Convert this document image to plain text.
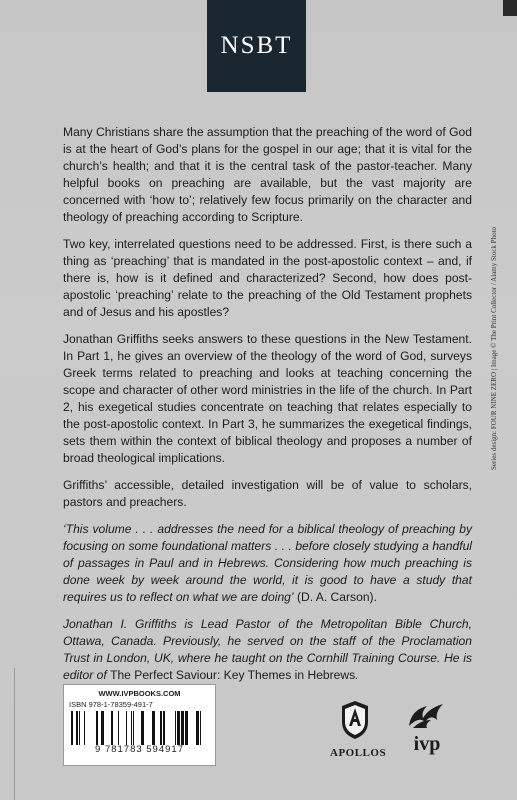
NSBT

Many Christians share the assumption that the preaching of the word of God is at the heart of God’s plans for the gospel in our age; that it is vital for the church’s health; and that it is the central task of the pastor-teacher. Many helpful books on preaching are available, but the vast majority are concerned with ‘how to’; relatively few focus primarily on the character and theology of preaching according to Scripture.

Two key, interrelated questions need to be addressed. First, is there such a thing as ‘preaching’ that is mandated in the post-apostolic context – and, if there is, how is it defined and characterized? Second, how does post-apostolic ‘preaching’ relate to the preaching of the Old Testament prophets and of Jesus and his apostles?

Jonathan Griffiths seeks answers to these questions in the New Testament. In Part 1, he gives an overview of the theology of the word of God, surveys Greek terms related to preaching and looks at teaching concerning the scope and character of other word ministries in the life of the church. In Part 2, his exegetical studies concentrate on teaching that relates especially to the post-apostolic context. In Part 3, he summarizes the exegetical findings, sets them within the context of biblical theology and proposes a number of broad theological implications.

Griffiths’ accessible, detailed investigation will be of value to scholars, pastors and preachers.

‘This volume . . . addresses the need for a biblical theology of preaching by focusing on some foundational matters . . . before closely studying a handful of passages in Paul and in Hebrews. Considering how much preaching is done week by week around the world, it is good to have a study that requires us to reflect on what we are doing’ (D. A. Carson).

Jonathan I. Griffiths is Lead Pastor of the Metropolitan Bible Church, Ottawa, Canada. Previously, he served on the staff of the Proclamation Trust in London, UK, where he taught on the Cornhill Training Course. He is editor of The Perfect Saviour: Key Themes in Hebrews.

Series design: FOUR NINE ZERO | Image © The Print Collector / Alamy Stock Photo
WWW.IVPBOOKS.COM
ISBN 978-1-78359-491-7
9 781783 594917	APOLLOS	ivp
